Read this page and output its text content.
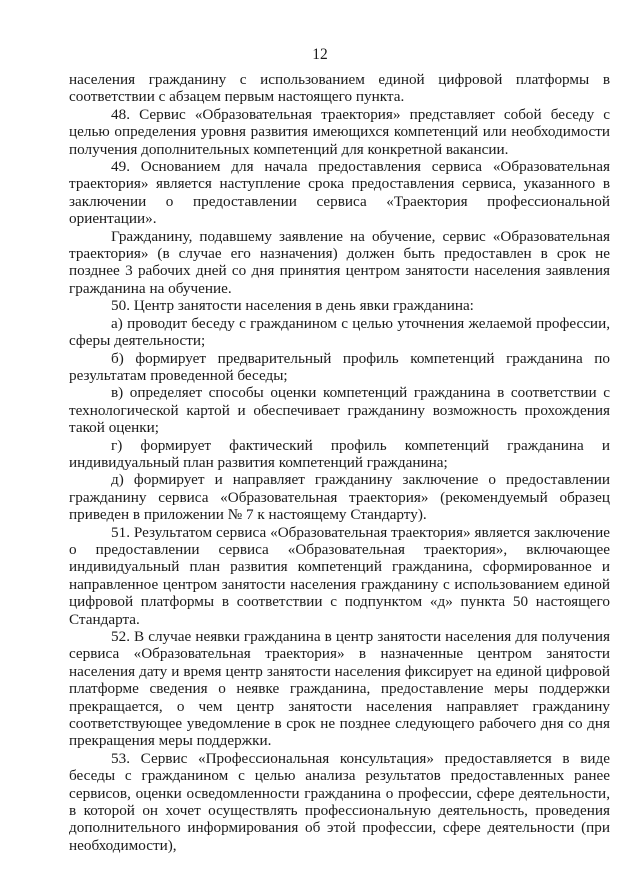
12

населения гражданину с использованием единой цифровой платформы в соответствии с абзацем первым настоящего пункта.

48. Сервис «Образовательная траектория» представляет собой беседу с целью определения уровня развития имеющихся компетенций или необходимости получения дополнительных компетенций для конкретной вакансии.

49. Основанием для начала предоставления сервиса «Образовательная траектория» является наступление срока предоставления сервиса, указанного в заключении о предоставлении сервиса «Траектория профессиональной ориентации».

Гражданину, подавшему заявление на обучение, сервис «Образовательная траектория» (в случае его назначения) должен быть предоставлен в срок не позднее 3 рабочих дней со дня принятия центром занятости населения заявления гражданина на обучение.

50. Центр занятости населения в день явки гражданина:

а) проводит беседу с гражданином с целью уточнения желаемой профессии, сферы деятельности;

б) формирует предварительный профиль компетенций гражданина по результатам проведенной беседы;

в) определяет способы оценки компетенций гражданина в соответствии с технологической картой и обеспечивает гражданину возможность прохождения такой оценки;

г) формирует фактический профиль компетенций гражданина и индивидуальный план развития компетенций гражданина;

д) формирует и направляет гражданину заключение о предоставлении гражданину сервиса «Образовательная траектория» (рекомендуемый образец приведен в приложении № 7 к настоящему Стандарту).

51. Результатом сервиса «Образовательная траектория» является заключение о предоставлении сервиса «Образовательная траектория», включающее индивидуальный план развития компетенций гражданина, сформированное и направленное центром занятости населения гражданину с использованием единой цифровой платформы в соответствии с подпунктом «д» пункта 50 настоящего Стандарта.

52. В случае неявки гражданина в центр занятости населения для получения сервиса «Образовательная траектория» в назначенные центром занятости населения дату и время центр занятости населения фиксирует на единой цифровой платформе сведения о неявке гражданина, предоставление меры поддержки прекращается, о чем центр занятости населения направляет гражданину соответствующее уведомление в срок не позднее следующего рабочего дня со дня прекращения меры поддержки.

53. Сервис «Профессиональная консультация» предоставляется в виде беседы с гражданином с целью анализа результатов предоставленных ранее сервисов, оценки осведомленности гражданина о профессии, сфере деятельности, в которой он хочет осуществлять профессиональную деятельность, проведения дополнительного информирования об этой профессии, сфере деятельности (при необходимости),
